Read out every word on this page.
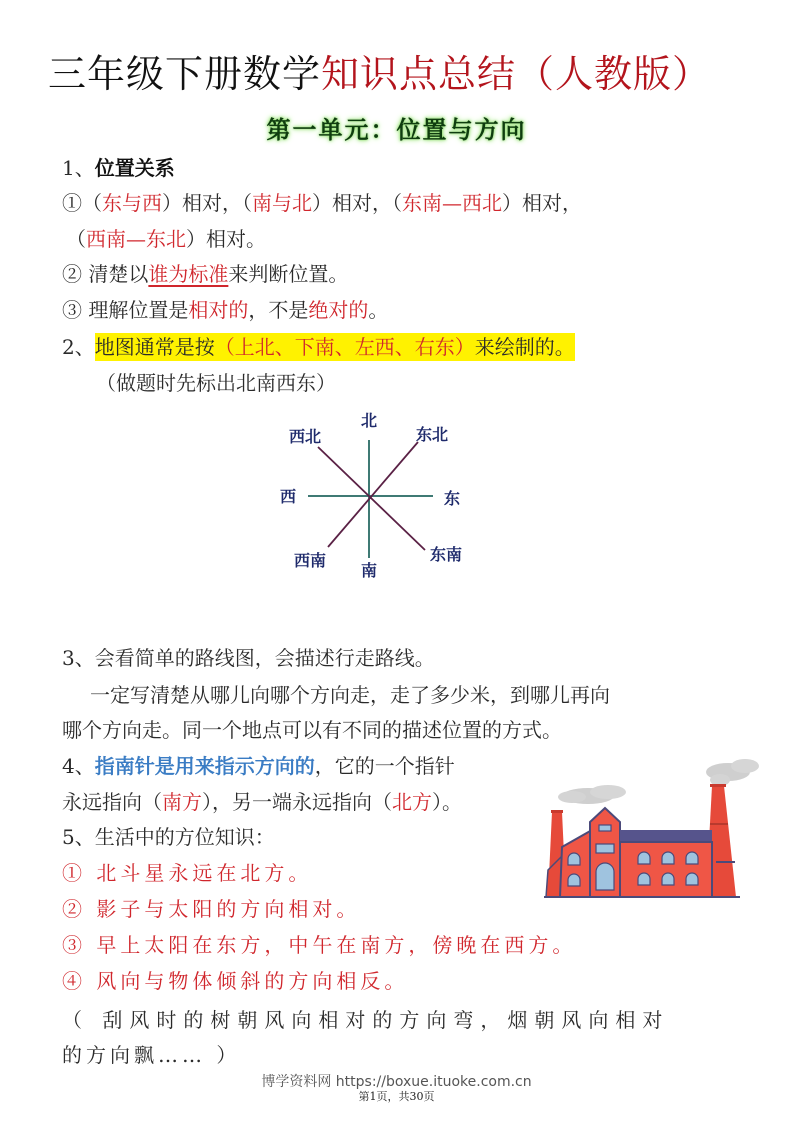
三年级下册数学知识点总结（人教版）
第一单元：位置与方向
1、位置关系
①（东与西）相对，（南与北）相对，（东南—西北）相对，
（西南—东北）相对。
② 清楚以谁为标准来判断位置。
③ 理解位置是相对的，不是绝对的。
2、地图通常是按（上北、下南、左西、右东）来绘制的。
（做题时先标出北南西东）
北
西北	东北
西	东
西南	东南
南
3、会看简单的路线图，会描述行走路线。
一定写清楚从哪儿向哪个方向走，走了多少米，到哪儿再向
哪个方向走。同一个地点可以有不同的描述位置的方式。
4、指南针是用来指示方向的，它的一个指针
永远指向（南方），另一端永远指向（北方）。
5、生活中的方位知识：
① 北斗星永远在北方。
② 影子与太阳的方向相对。
③ 早上太阳在东方，中午在南方，傍晚在西方。
④ 风向与物体倾斜的方向相反。
（ 刮风时的树朝风向相对的方向弯，烟朝风向相对
的方向飘…… ）
博学资料网 https://boxue.ituoke.com.cn
第1页，共30页
